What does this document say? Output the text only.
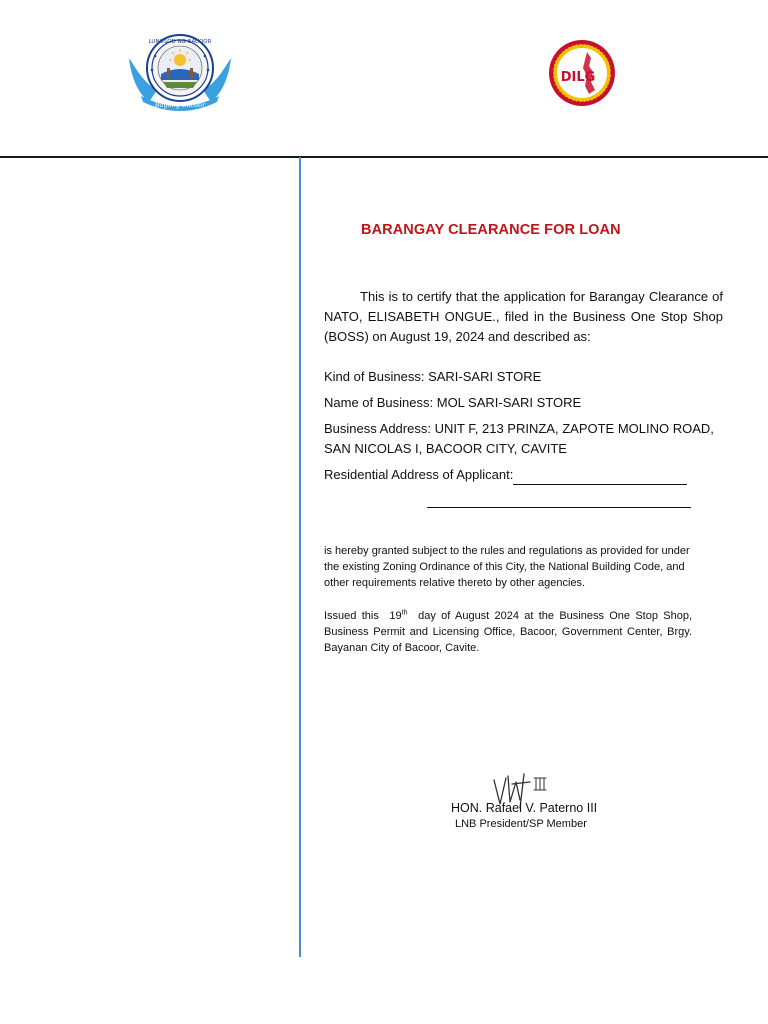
LUNGSOD NG BACOOR
Bagong Bacoor
DILG
BARANGAY CLEARANCE FOR LOAN
This is to certify that the application for Barangay Clearance of NATO, ELISABETH ONGUE., filed in the Business One Stop Shop (BOSS) on August 19, 2024 and described as:
Kind of Business: SARI-SARI STORE
Name of Business: MOL SARI-SARI STORE
Business Address: UNIT F, 213 PRINZA, ZAPOTE MOLINO ROAD, SAN NICOLAS I, BACOOR CITY, CAVITE
Residential Address of Applicant:
is hereby granted subject to the rules and regulations as provided for under the existing Zoning Ordinance of this City, the National Building Code, and other requirements relative thereto by other agencies.
Issued this 19th day of August 2024 at the Business One Stop Shop, Business Permit and Licensing Office, Bacoor, Government Center, Brgy. Bayanan City of Bacoor, Cavite.
HON. Rafael V. Paterno III
LNB President/SP Member
